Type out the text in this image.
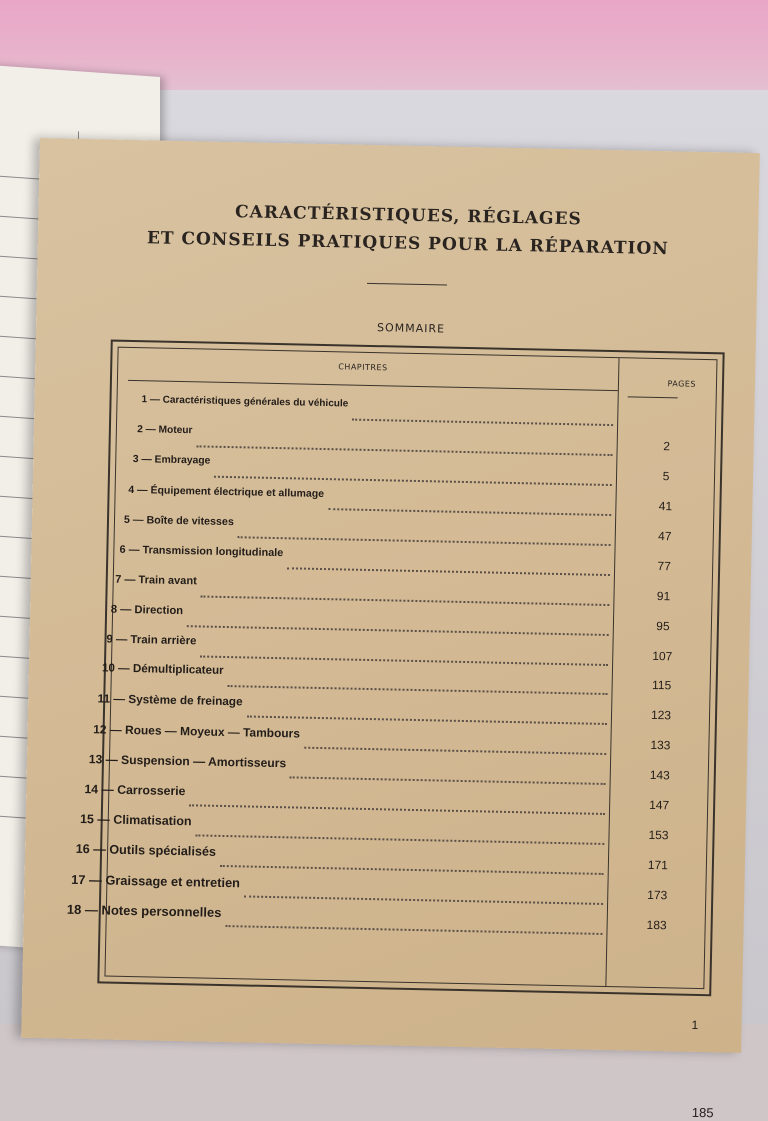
CARACTÉRISTIQUES, RÉGLAGES
ET CONSEILS PRATIQUES POUR LA RÉPARATION
SOMMAIRE
CHAPITRES
PAGES
1 — Caractéristiques générales du véhicule
2 — Moteur
2
3 — Embrayage
5
4 — Équipement électrique et allumage
41
5 — Boîte de vitesses
47
6 — Transmission longitudinale
77
7 — Train avant
91
8 — Direction
95
9 — Train arrière
107
10 — Démultiplicateur
115
11 — Système de freinage
123
12 — Roues — Moyeux — Tambours
133
13 — Suspension — Amortisseurs
143
14 — Carrosserie
147
15 — Climatisation
153
16 — Outils spécialisés
171
17 — Graissage et entretien
173
18 — Notes personnelles
183
185
1
